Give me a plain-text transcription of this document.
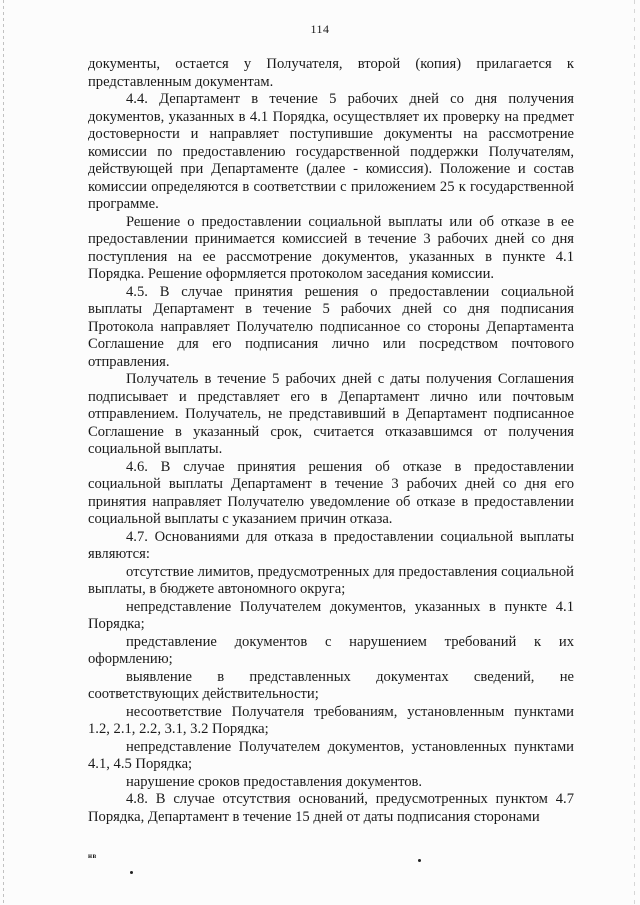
114

документы, остается у Получателя, второй (копия) прилагается к представленным документам.

4.4. Департамент в течение 5 рабочих дней со дня получения документов, указанных в 4.1 Порядка, осуществляет их проверку на предмет достоверности и направляет поступившие документы на рассмотрение комиссии по предоставлению государственной поддержки Получателям, действующей при Департаменте (далее - комиссия). Положение и состав комиссии определяются в соответствии с приложением 25 к государственной программе.

Решение о предоставлении социальной выплаты или об отказе в ее предоставлении принимается комиссией в течение 3 рабочих дней со дня поступления на ее рассмотрение документов, указанных в пункте 4.1 Порядка. Решение оформляется протоколом заседания комиссии.

4.5. В случае принятия решения о предоставлении социальной выплаты Департамент в течение 5 рабочих дней со дня подписания Протокола направляет Получателю подписанное со стороны Департамента Соглашение для его подписания лично или посредством почтового отправления.

Получатель в течение 5 рабочих дней с даты получения Соглашения подписывает и представляет его в Департамент лично или почтовым отправлением. Получатель, не представивший в Департамент подписанное Соглашение в указанный срок, считается отказавшимся от получения социальной выплаты.

4.6. В случае принятия решения об отказе в предоставлении социальной выплаты Департамент в течение 3 рабочих дней со дня его принятия направляет Получателю уведомление об отказе в предоставлении социальной выплаты с указанием причин отказа.

4.7. Основаниями для отказа в предоставлении социальной выплаты являются:

отсутствие лимитов, предусмотренных для предоставления социальной выплаты, в бюджете автономного округа;

непредставление Получателем документов, указанных в пункте 4.1 Порядка;

представление документов с нарушением требований к их оформлению;

выявление в представленных документах сведений, не соответствующих действительности;

несоответствие Получателя требованиям, установленным пунктами 1.2, 2.1, 2.2, 3.1, 3.2 Порядка;

непредставление Получателем документов, установленных пунктами 4.1, 4.5 Порядка;

нарушение сроков предоставления документов.

4.8. В случае отсутствия оснований, предусмотренных пунктом 4.7 Порядка, Департамент в течение 15 дней от даты подписания сторонами

нв
